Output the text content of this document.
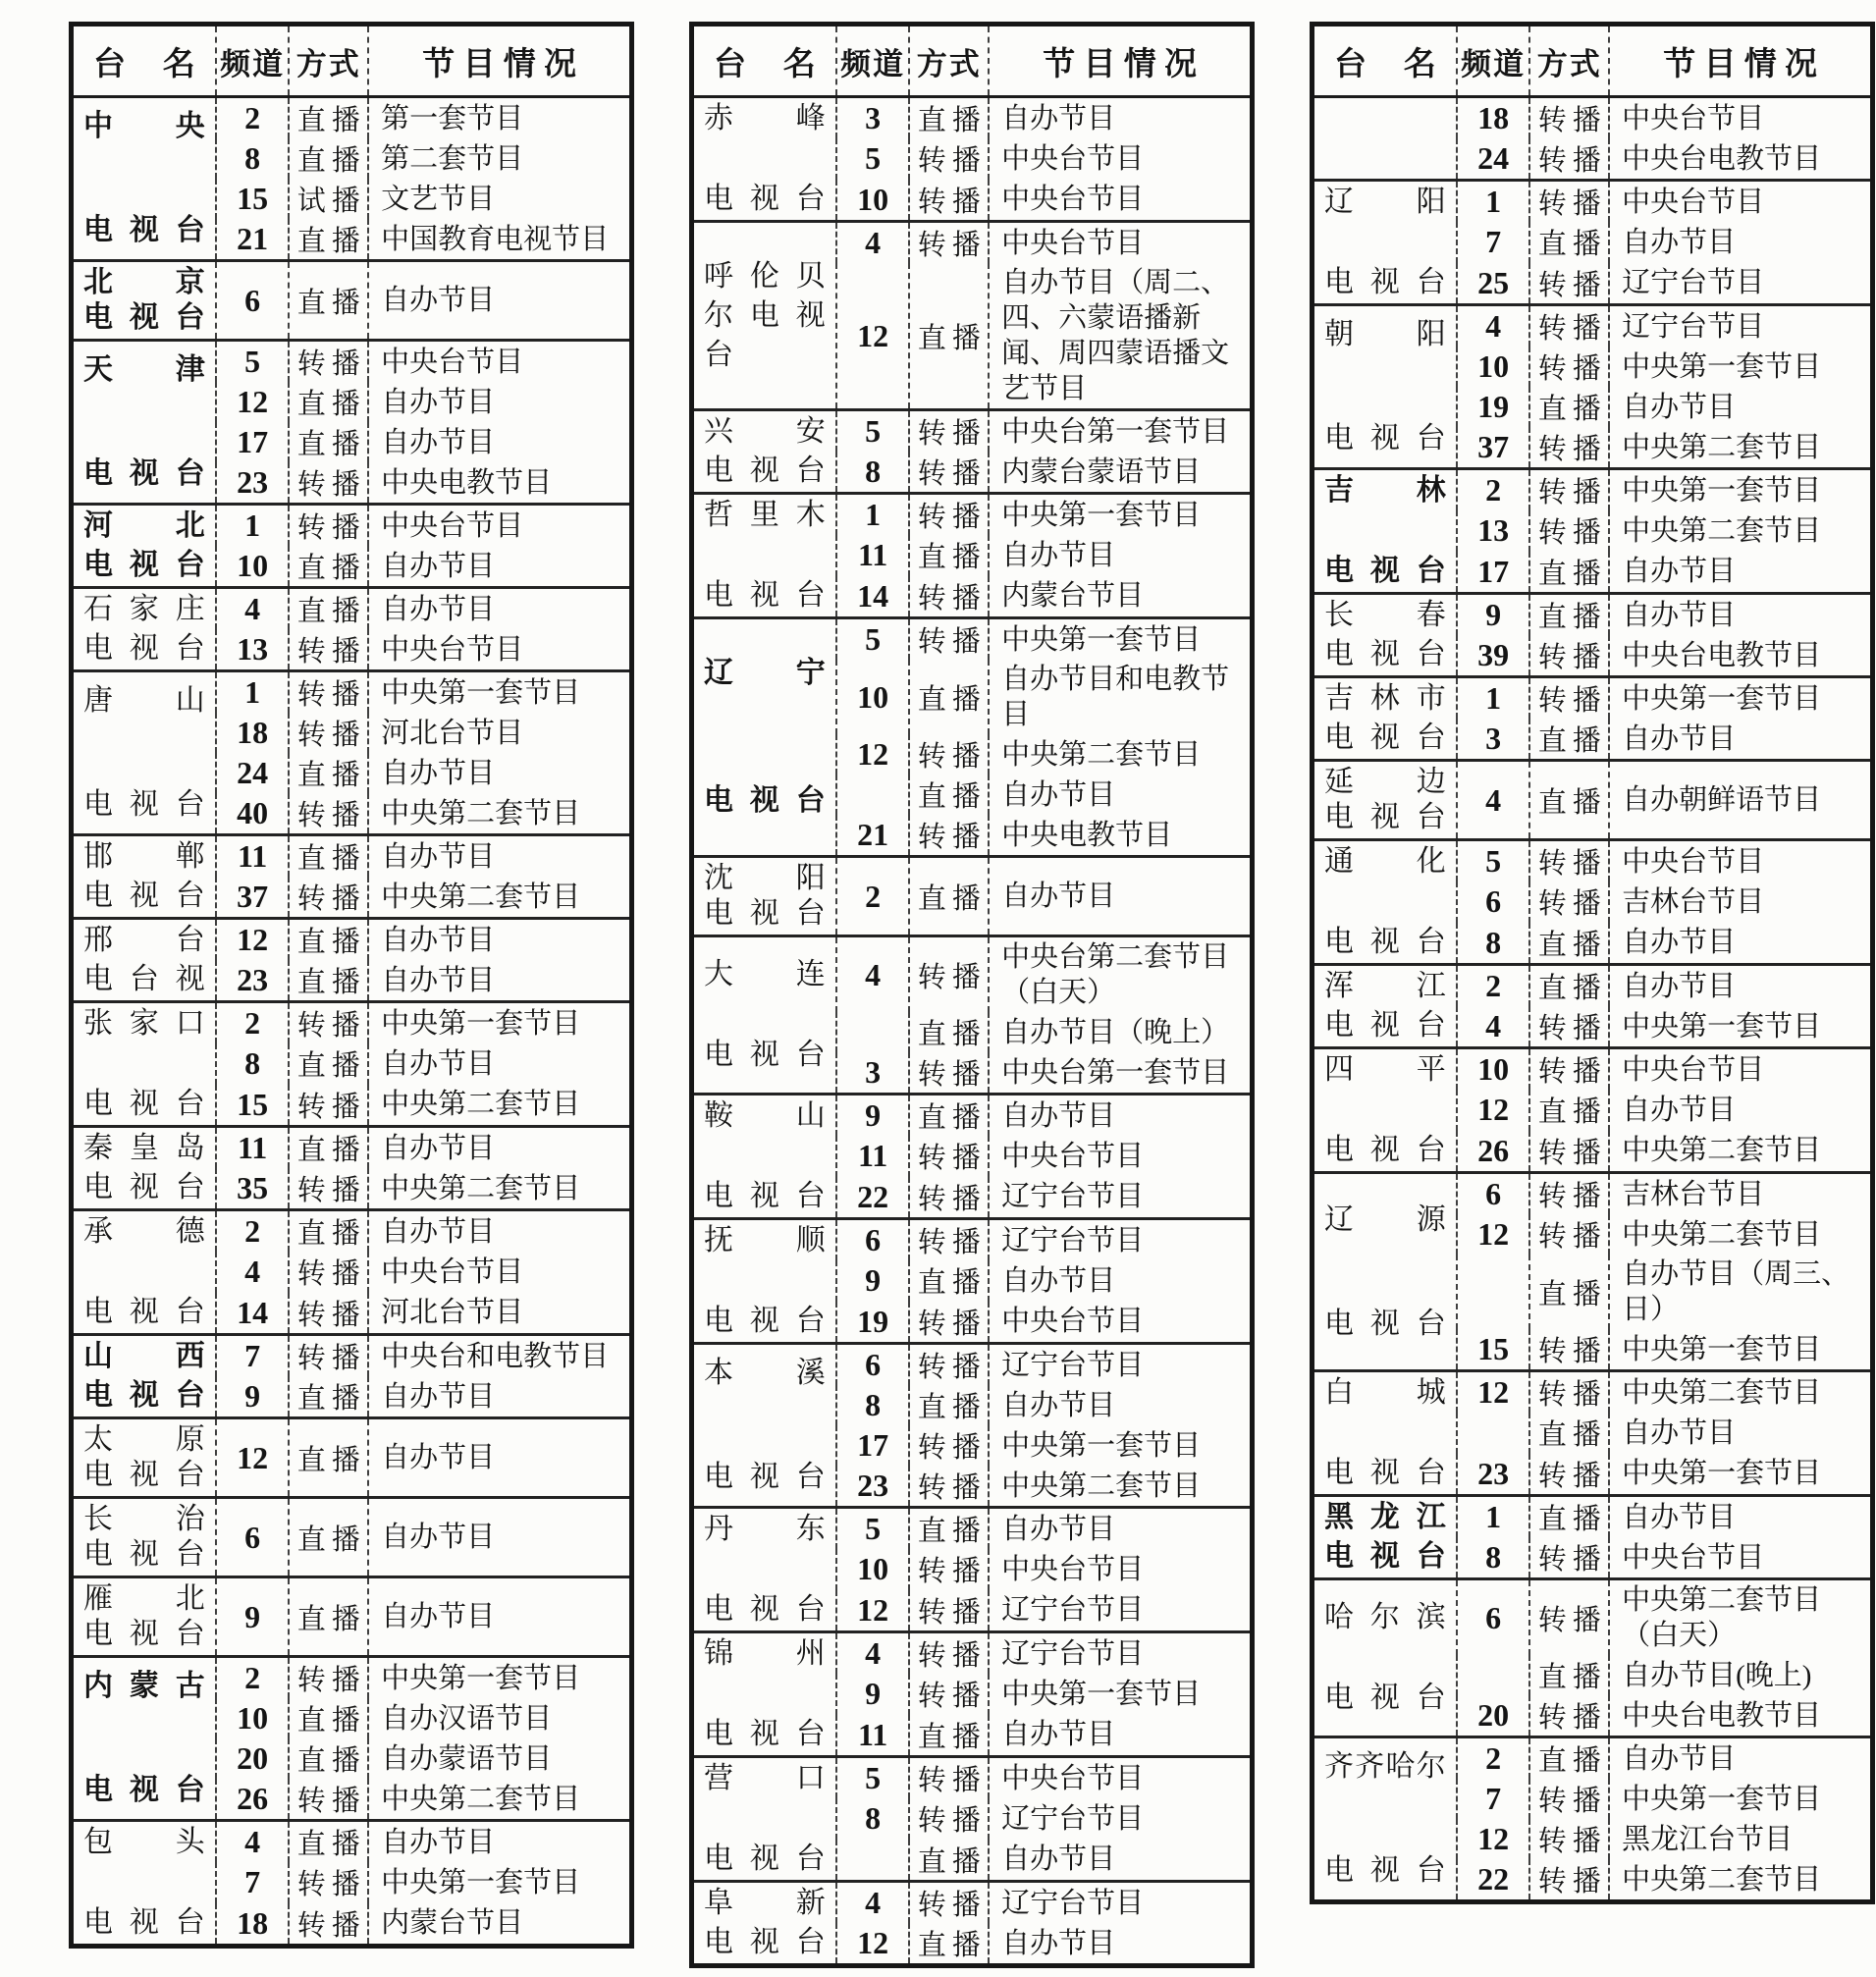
台 名	频道	方式	节 目 情 况

中 央
电视台	2	直播	第一套节目
	8	直播	第二套节目
	15	试播	文艺节目
	21	直播	中国教育电视节目

北 京
电视台	6	直播	自办节目

天 津
电视台	5	转播	中央台节目
	12	直播	自办节目
	17	直播	自办节目
	23	转播	中央电教节目

河 北
电视台	1	转播	中央台节目
	10	直播	自办节目

石家庄
电视台	4	直播	自办节目
	13	转播	中央台节目

唐 山
电视台	1	转播	中央第一套节目
	18	转播	河北台节目
	24	直播	自办节目
	40	转播	中央第二套节目

邯 郸
电视台	11	直播	自办节目
	37	转播	中央第二套节目

邢 台
电台视	12	直播	自办节目
	23	直播	自办节目

张家口
电视台	2	转播	中央第一套节目
	8	直播	自办节目
	15	转播	中央第二套节目

秦皇岛
电视台	11	直播	自办节目
	35	转播	中央第二套节目

承 德
电视台	2	直播	自办节目
	4	转播	中央台节目
	14	转播	河北台节目

山 西
电视台	7	转播	中央台和电教节目
	9	直播	自办节目

太 原
电视台	12	直播	自办节目

长 治
电视台	6	直播	自办节目

雁 北
电视台	9	直播	自办节目

内蒙古
电视台	2	转播	中央第一套节目
	10	直播	自办汉语节目
	20	直播	自办蒙语节目
	26	转播	中央第二套节目

包 头
电视台	4	直播	自办节目
	7	转播	中央第一套节目
	18	转播	内蒙台节目
台 名	频道	方式	节 目 情 况

赤 峰
电视台	3	直播	自办节目
	5	转播	中央台节目
	10	转播	中央台节目

呼伦贝
尔电视
台	4	转播	中央台节目
	12	直播	自办节目（周二、四、六蒙语播新闻、周四蒙语播文艺节目

兴 安
电视台	5	转播	中央台第一套节目
	8	转播	内蒙台蒙语节目

哲里木
电视台	1	转播	中央第一套节目
	11	直播	自办节目
	14	转播	内蒙台节目

辽 宁
电视台	5	转播	中央第一套节目
	10	直播	自办节目和电教节目
	12	转播	中央第二套节目
		直播	自办节目
	21	转播	中央电教节目

沈 阳
电视台	2	直播	自办节目

大 连
电视台	4	转播	中央台第二套节目（白天）
		直播	自办节目（晚上）
	3	转播	中央台第一套节目

鞍 山
电视台	9	直播	自办节目
	11	转播	中央台节目
	22	转播	辽宁台节目

抚 顺
电视台	6	转播	辽宁台节目
	9	直播	自办节目
	19	转播	中央台节目

本 溪
电视台	6	转播	辽宁台节目
	8	直播	自办节目
	17	转播	中央第一套节目
	23	转播	中央第二套节目

丹 东
电视台	5	直播	自办节目
	10	转播	中央台节目
	12	转播	辽宁台节目

锦 州
电视台	4	转播	辽宁台节目
	9	转播	中央第一套节目
	11	直播	自办节目

营 口
电视台	5	转播	中央台节目
	8	转播	辽宁台节目
		直播	自办节目

阜 新
电视台	4	转播	辽宁台节目
	12	直播	自办节目
台 名	频道	方式	节 目 情 况

	18	转播	中央台节目
	24	转播	中央台电教节目

辽 阳
电视台	1	转播	中央台节目
	7	直播	自办节目
	25	转播	辽宁台节目

朝 阳
电视台	4	转播	辽宁台节目
	10	转播	中央第一套节目
	19	直播	自办节目
	37	转播	中央第二套节目

吉 林
电视台	2	转播	中央第一套节目
	13	转播	中央第二套节目
	17	直播	自办节目

长 春
电视台	9	直播	自办节目
	39	转播	中央台电教节目

吉林市
电视台	1	转播	中央第一套节目
	3	直播	自办节目

延 边
电视台	4	直播	自办朝鲜语节目

通 化
电视台	5	转播	中央台节目
	6	转播	吉林台节目
	8	直播	自办节目

浑 江
电视台	2	直播	自办节目
	4	转播	中央第一套节目

四 平
电视台	10	转播	中央台节目
	12	直播	自办节目
	26	转播	中央第二套节目

辽 源
电视台	6	转播	吉林台节目
	12	转播	中央第二套节目
		直播	自办节目（周三、日）
	15	转播	中央第一套节目

白 城
电视台	12	转播	中央第二套节目
		直播	自办节目
	23	转播	中央第一套节目

黑龙江
电视台	1	直播	自办节目
	8	转播	中央台节目

哈尔滨
电视台	6	转播	中央第二套节目（白天）
		直播	自办节目(晚上)
	20	转播	中央台电教节目

齐齐哈尔
电视台	2	直播	自办节目
	7	转播	中央第一套节目
	12	转播	黑龙江台节目
	22	转播	中央第二套节目
